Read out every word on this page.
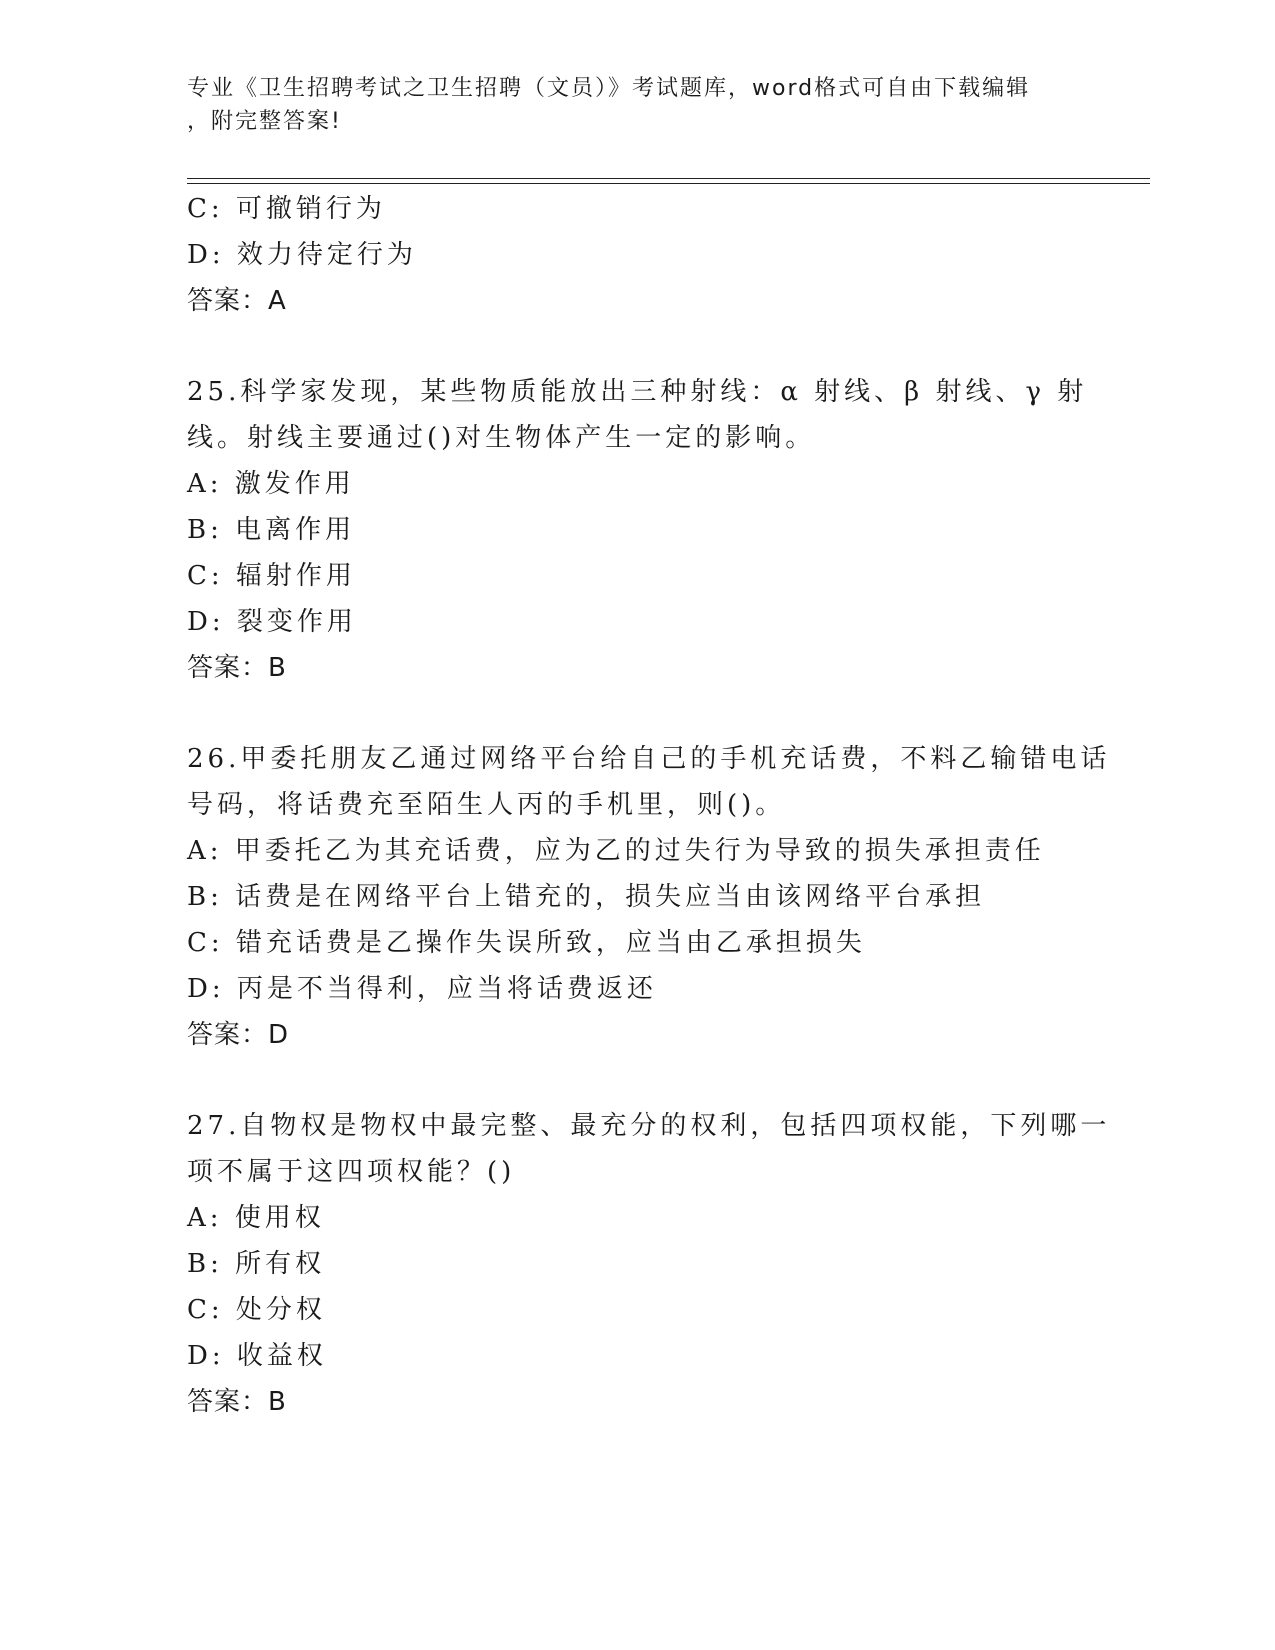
专业《卫生招聘考试之卫生招聘（文员）》考试题库，word格式可自由下载编辑
，附完整答案!
C: 可撤销行为
D: 效力待定行为
答案：A
25.科学家发现，某些物质能放出三种射线：α 射线、β 射线、γ 射
线。射线主要通过()对生物体产生一定的影响。
A: 激发作用
B: 电离作用
C: 辐射作用
D: 裂变作用
答案：B
26.甲委托朋友乙通过网络平台给自己的手机充话费，不料乙输错电话
号码，将话费充至陌生人丙的手机里，则()。
A: 甲委托乙为其充话费，应为乙的过失行为导致的损失承担责任
B: 话费是在网络平台上错充的，损失应当由该网络平台承担
C: 错充话费是乙操作失误所致，应当由乙承担损失
D: 丙是不当得利，应当将话费返还
答案：D
27.自物权是物权中最完整、最充分的权利，包括四项权能，下列哪一
项不属于这四项权能？()
A: 使用权
B: 所有权
C: 处分权
D: 收益权
答案：B
